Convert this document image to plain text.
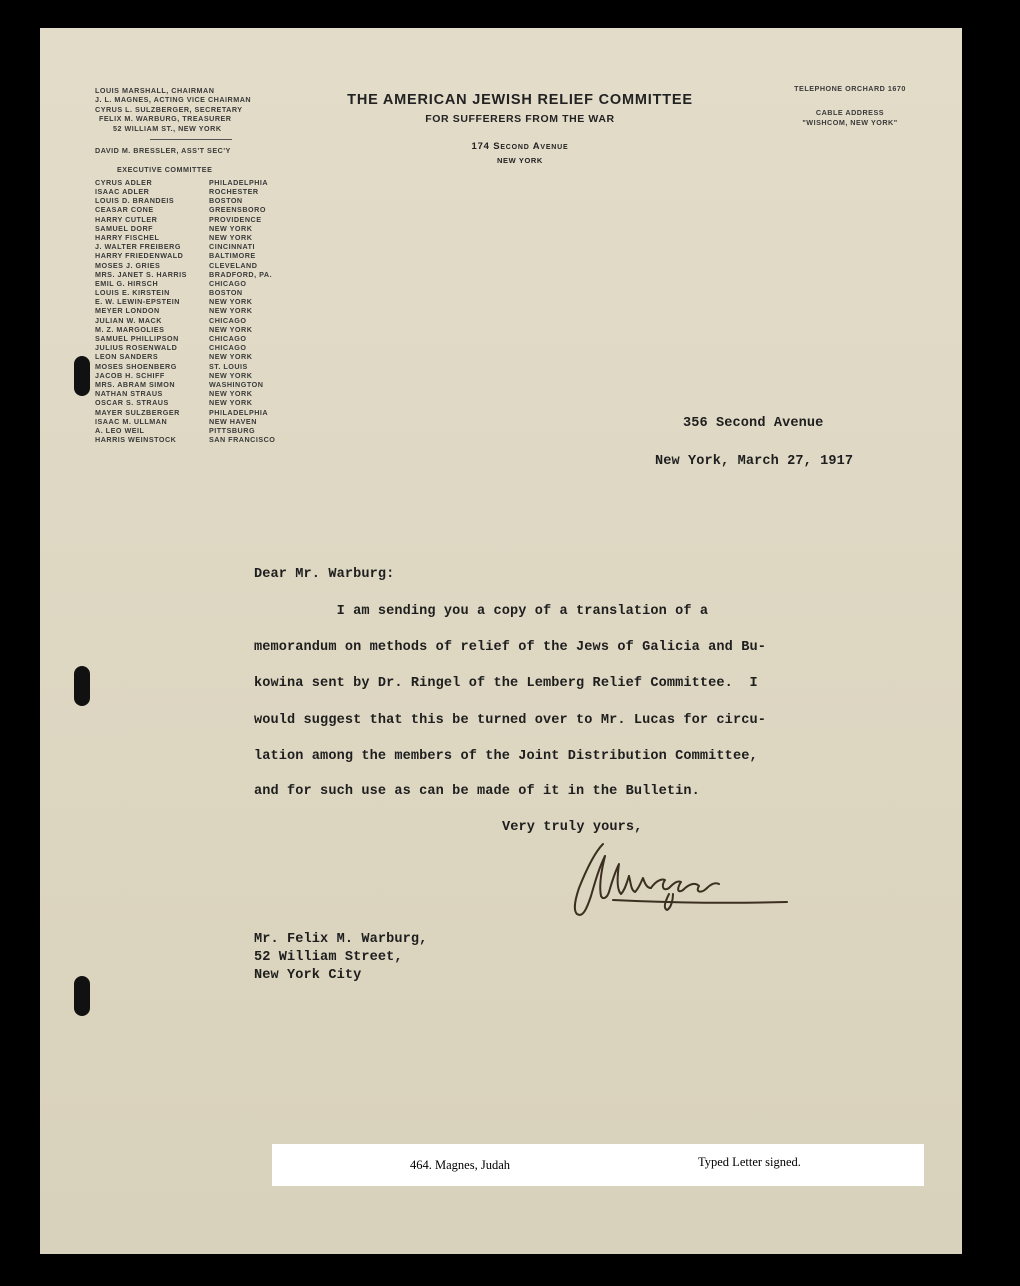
LOUIS MARSHALL, CHAIRMAN
J. L. MAGNES, ACTING VICE CHAIRMAN
CYRUS L. SULZBERGER, SECRETARY
FELIX M. WARBURG, TREASURER
52 WILLIAM ST., NEW YORK
DAVID M. BRESSLER, ASS'T SEC'Y
EXECUTIVE COMMITTEE
CYRUS ADLER	PHILADELPHIA
ISAAC ADLER	ROCHESTER
LOUIS D. BRANDEIS	BOSTON
CEASAR CONE	GREENSBORO
HARRY CUTLER	PROVIDENCE
SAMUEL DORF	NEW YORK
HARRY FISCHEL	NEW YORK
J. WALTER FREIBERG	CINCINNATI
HARRY FRIEDENWALD	BALTIMORE
MOSES J. GRIES	CLEVELAND
MRS. JANET S. HARRIS	BRADFORD, PA.
EMIL G. HIRSCH	CHICAGO
LOUIS E. KIRSTEIN	BOSTON
E. W. LEWIN-EPSTEIN	NEW YORK
MEYER LONDON	NEW YORK
JULIAN W. MACK	CHICAGO
M. Z. MARGOLIES	NEW YORK
SAMUEL PHILLIPSON	CHICAGO
JULIUS ROSENWALD	CHICAGO
LEON SANDERS	NEW YORK
MOSES SHOENBERG	ST. LOUIS
JACOB H. SCHIFF	NEW YORK
MRS. ABRAM SIMON	WASHINGTON
NATHAN STRAUS	NEW YORK
OSCAR S. STRAUS	NEW YORK
MAYER SULZBERGER	PHILADELPHIA
ISAAC M. ULLMAN	NEW HAVEN
A. LEO WEIL	PITTSBURG
HARRIS WEINSTOCK	SAN FRANCISCO
THE AMERICAN JEWISH RELIEF COMMITTEE
FOR SUFFERERS FROM THE WAR
174 Second Avenue
NEW YORK
TELEPHONE ORCHARD 1670
CABLE ADDRESS
"WISHCOM, NEW YORK"
356 Second Avenue
New York, March 27, 1917
Dear Mr. Warburg:
I am sending you a copy of a translation of a
memorandum on methods of relief of the Jews of Galicia and Bu-
kowina sent by Dr. Ringel of the Lemberg Relief Committee.  I
would suggest that this be turned over to Mr. Lucas for circu-
lation among the members of the Joint Distribution Committee,
and for such use as can be made of it in the Bulletin.
Very truly yours,
Mr. Felix M. Warburg,
52 William Street,
New York City
464. Magnes, Judah	Typed Letter signed.
